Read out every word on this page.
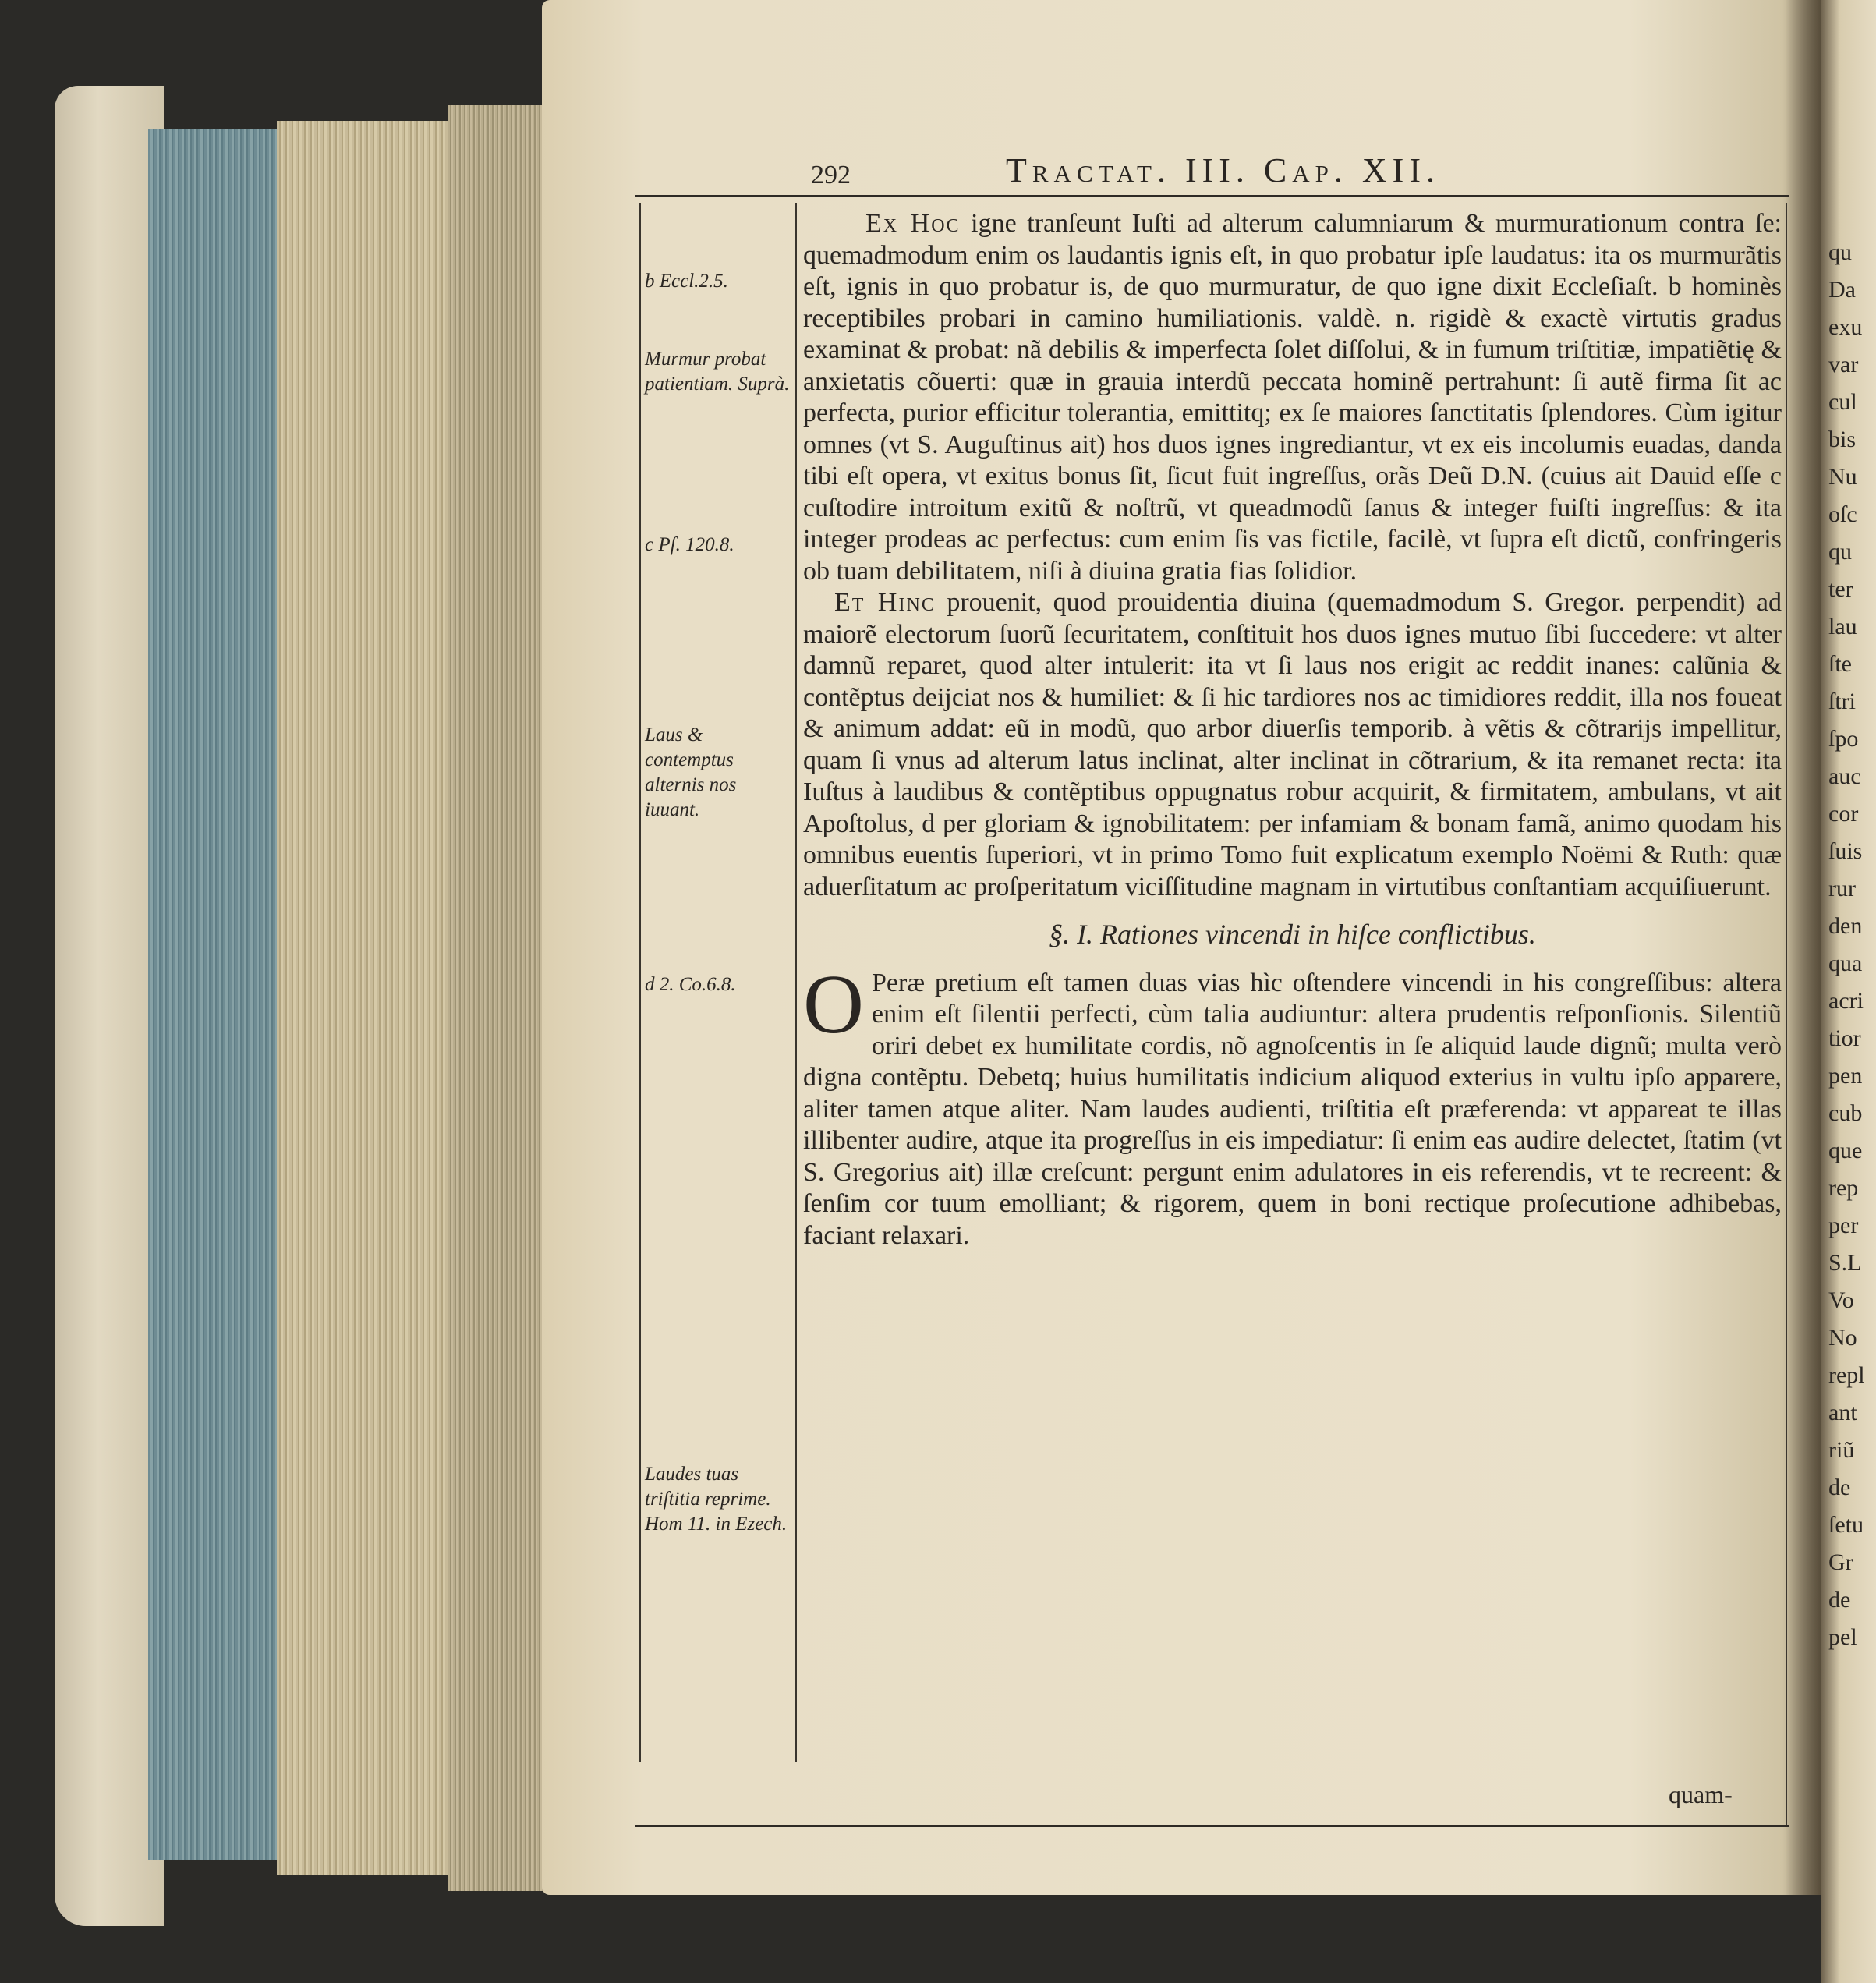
qu
Da
exu
var
cul
bis
Nu
oſc
qu
ter
lau
ſte
ſtri
ſpo
auc
cor
ſuis
rur
den
qua
acri
tior
pen
cub
que
rep
per
S.L
Vo
No
repl
ant
riũ
de
ſetu
Gr
de
pel
292	Tractat. III. Cap. XII.
b Eccl.2.5.
Murmur probat patientiam. Suprà.
c Pſ. 120.8.
Laus & contemptus alternis nos iuuant.
d 2. Co.6.8.
Laudes tuas triſtitia reprime. Hom 11. in Ezech.

Ex Hoc igne tranſeunt Iuſti ad alterum calumniarum & murmurationum contra ſe: quemadmodum enim os laudantis ignis eſt, in quo probatur ipſe laudatus: ita os murmurãtis eſt, ignis in quo probatur is, de quo murmuratur, de quo igne dixit Eccleſiaſt. b hominès receptibiles probari in camino humiliationis. valdè. n. rigidè & exactè virtutis gradus examinat & probat: nã debilis & imperfecta ſolet diſſolui, & in fumum triſtitiæ, impatiẽtię & anxietatis cõuerti: quæ in grauia interdũ peccata hominẽ pertrahunt: ſi autẽ firma ſit ac perfecta, purior efficitur tolerantia, emittitq; ex ſe maiores ſanctitatis ſplendores. Cùm igitur omnes (vt S. Auguſtinus ait) hos duos ignes ingrediantur, vt ex eis incolumis euadas, danda tibi eſt opera, vt exitus bonus ſit, ſicut fuit ingreſſus, orãs Deũ D.N. (cuius ait Dauid eſſe c cuſtodire introitum exitũ & noſtrũ, vt queadmodũ ſanus & integer fuiſti ingreſſus: & ita integer prodeas ac perfectus: cum enim ſis vas fictile, facilè, vt ſupra eſt dictũ, confringeris ob tuam debilitatem, niſi à diuina gratia fias ſolidior.

Et Hinc prouenit, quod prouidentia diuina (quemadmodum S. Gregor. perpendit) ad maiorẽ electorum ſuorũ ſecuritatem, conſtituit hos duos ignes mutuo ſibi ſuccedere: vt alter damnũ reparet, quod alter intulerit: ita vt ſi laus nos erigit ac reddit inanes: calũnia & contẽptus deijciat nos & humiliet: & ſi hic tardiores nos ac timidiores reddit, illa nos foueat & animum addat: eũ in modũ, quo arbor diuerſis temporib. à vẽtis & cõtrarijs impellitur, quam ſi vnus ad alterum latus inclinat, alter inclinat in cõtrarium, & ita remanet recta: ita Iuſtus à laudibus & contẽptibus oppugnatus robur acquirit, & firmitatem, ambulans, vt ait Apoſtolus, d per gloriam & ignobilitatem: per infamiam & bonam famã, animo quodam his omnibus euentis ſuperiori, vt in primo Tomo fuit explicatum exemplo Noëmi & Ruth: quæ aduerſitatum ac proſperitatum viciſſitudine magnam in virtutibus conſtantiam acquiſiuerunt.

§. I. Rationes vincendi in hiſce conflictibus.

O Peræ pretium eſt tamen duas vias hìc oſtendere vincendi in his congreſſibus: altera enim eſt ſilentii perfecti, cùm talia audiuntur: altera prudentis reſponſionis. Silentiũ oriri debet ex humilitate cordis, nõ agnoſcentis in ſe aliquid laude dignũ; multa verò digna contẽptu. Debetq; huius humilitatis indicium aliquod exterius in vultu ipſo apparere, aliter tamen atque aliter. Nam laudes audienti, triſtitia eſt præferenda: vt appareat te illas illibenter audire, atque ita progreſſus in eis impediatur: ſi enim eas audire delectet, ſtatim (vt S. Gregorius ait) illæ creſcunt: pergunt enim adulatores in eis referendis, vt te recreent: & ſenſim cor tuum emolliant; & rigorem, quem in boni rectique proſecutione adhibebas, faciant relaxari.

quam-
